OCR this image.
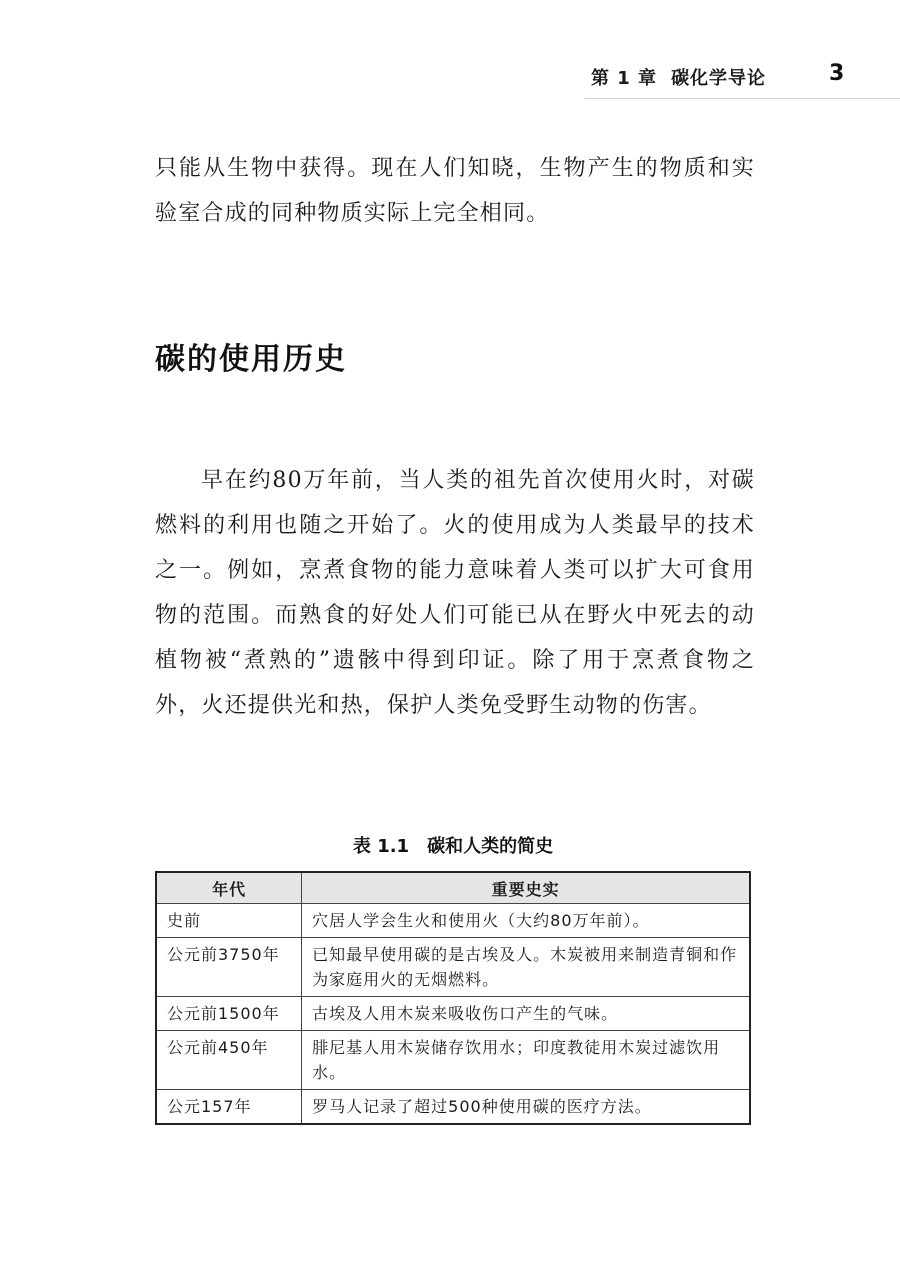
第 1 章 碳化学导论	3

只能从生物中获得。现在人们知晓，生物产生的物质和实验室合成的同种物质实际上完全相同。

碳的使用历史

早在约80万年前，当人类的祖先首次使用火时，对碳燃料的利用也随之开始了。火的使用成为人类最早的技术之一。例如，烹煮食物的能力意味着人类可以扩大可食用物的范围。而熟食的好处人们可能已从在野火中死去的动植物被“煮熟的”遗骸中得到印证。除了用于烹煮食物之外，火还提供光和热，保护人类免受野生动物的伤害。

表 1.1 碳和人类的简史
年代	重要史实
史前	穴居人学会生火和使用火（大约80万年前）。
公元前3750年	已知最早使用碳的是古埃及人。木炭被用来制造青铜和作为家庭用火的无烟燃料。
公元前1500年	古埃及人用木炭来吸收伤口产生的气味。
公元前450年	腓尼基人用木炭储存饮用水；印度教徒用木炭过滤饮用水。
公元157年	罗马人记录了超过500种使用碳的医疗方法。
